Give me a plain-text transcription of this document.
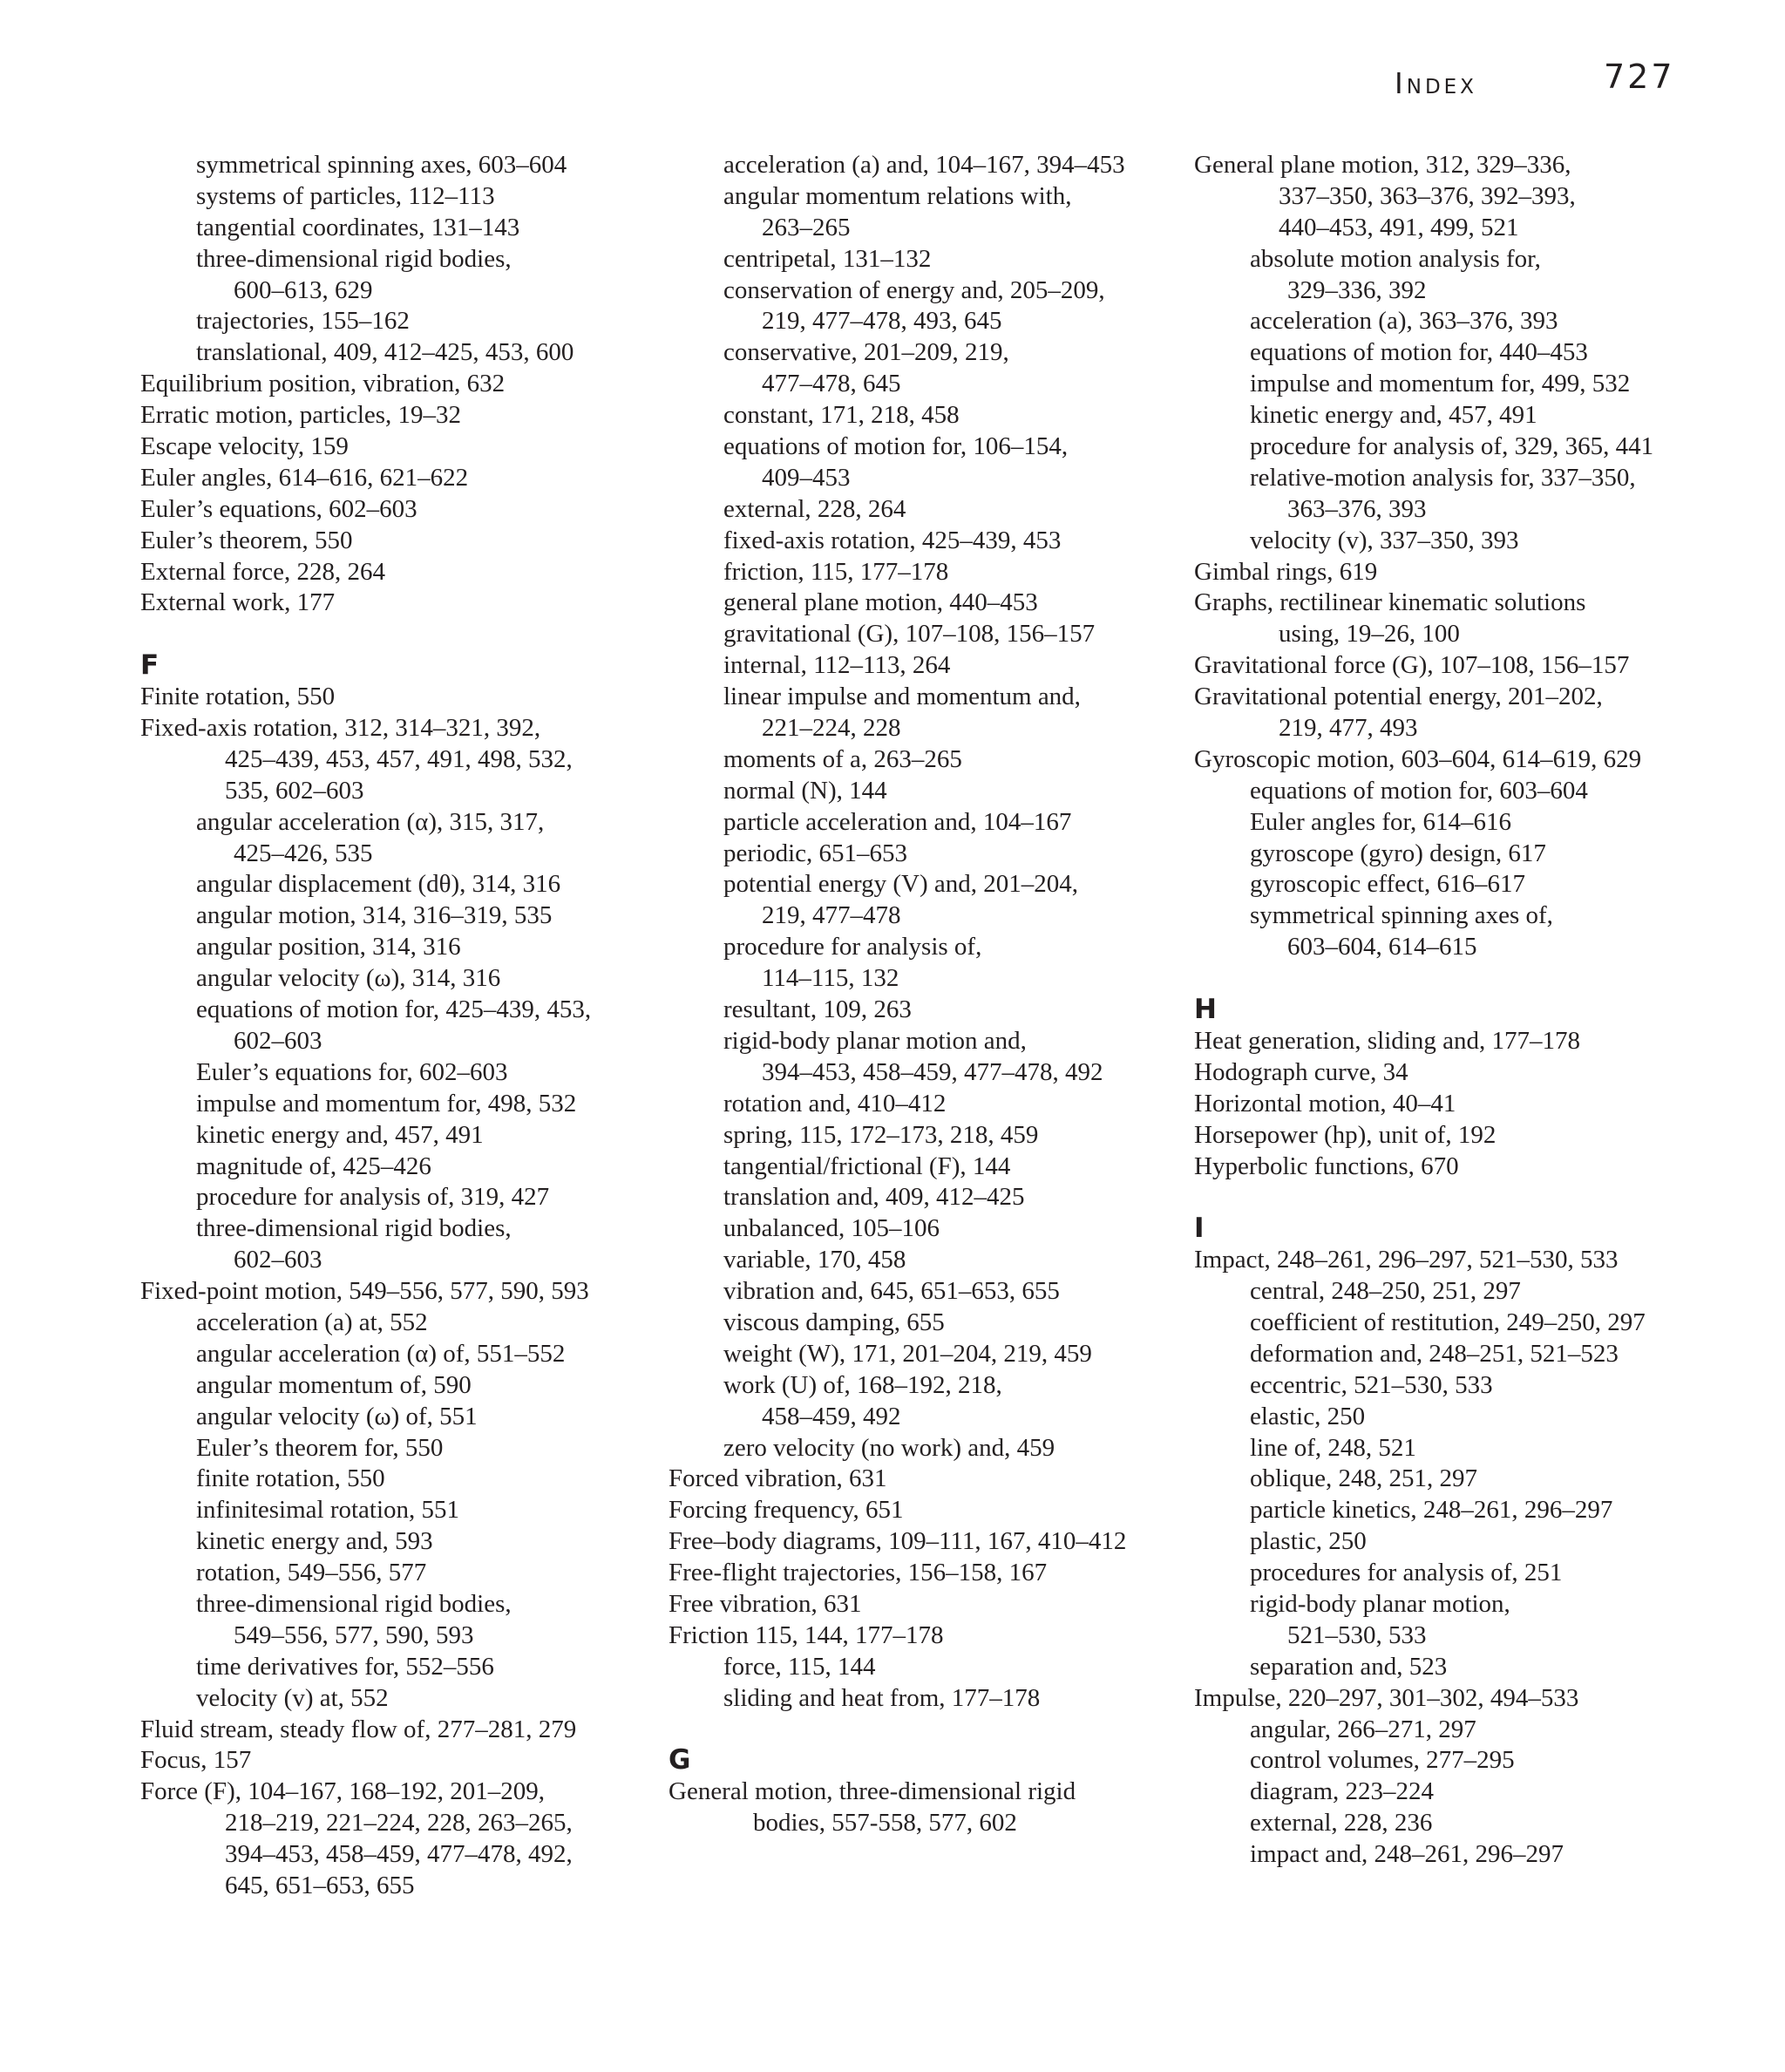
Index	727
symmetrical spinning axes, 603–604
systems of particles, 112–113
tangential coordinates, 131–143
three-dimensional rigid bodies,
600–613, 629
trajectories, 155–162
translational, 409, 412–425, 453, 600
Equilibrium position, vibration, 632
Erratic motion, particles, 19–32
Escape velocity, 159
Euler angles, 614–616, 621–622
Euler’s equations, 602–603
Euler’s theorem, 550
External force, 228, 264
External work, 177
F
Finite rotation, 550
Fixed-axis rotation, 312, 314–321, 392,
425–439, 453, 457, 491, 498, 532,
535, 602–603
angular acceleration (α), 315, 317,
425–426, 535
angular displacement (dθ), 314, 316
angular motion, 314, 316–319, 535
angular position, 314, 316
angular velocity (ω), 314, 316
equations of motion for, 425–439, 453,
602–603
Euler’s equations for, 602–603
impulse and momentum for, 498, 532
kinetic energy and, 457, 491
magnitude of, 425–426
procedure for analysis of, 319, 427
three-dimensional rigid bodies,
602–603
Fixed-point motion, 549–556, 577, 590, 593
acceleration (a) at, 552
angular acceleration (α) of, 551–552
angular momentum of, 590
angular velocity (ω) of, 551
Euler’s theorem for, 550
finite rotation, 550
infinitesimal rotation, 551
kinetic energy and, 593
rotation, 549–556, 577
three-dimensional rigid bodies,
549–556, 577, 590, 593
time derivatives for, 552–556
velocity (v) at, 552
Fluid stream, steady flow of, 277–281, 279
Focus, 157
Force (F), 104–167, 168–192, 201–209,
218–219, 221–224, 228, 263–265,
394–453, 458–459, 477–478, 492,
645, 651–653, 655
acceleration (a) and, 104–167, 394–453
angular momentum relations with,
263–265
centripetal, 131–132
conservation of energy and, 205–209,
219, 477–478, 493, 645
conservative, 201–209, 219,
477–478, 645
constant, 171, 218, 458
equations of motion for, 106–154,
409–453
external, 228, 264
fixed-axis rotation, 425–439, 453
friction, 115, 177–178
general plane motion, 440–453
gravitational (G), 107–108, 156–157
internal, 112–113, 264
linear impulse and momentum and,
221–224, 228
moments of a, 263–265
normal (N), 144
particle acceleration and, 104–167
periodic, 651–653
potential energy (V) and, 201–204,
219, 477–478
procedure for analysis of,
114–115, 132
resultant, 109, 263
rigid-body planar motion and,
394–453, 458–459, 477–478, 492
rotation and, 410–412
spring, 115, 172–173, 218, 459
tangential/frictional (F), 144
translation and, 409, 412–425
unbalanced, 105–106
variable, 170, 458
vibration and, 645, 651–653, 655
viscous damping, 655
weight (W), 171, 201–204, 219, 459
work (U) of, 168–192, 218,
458–459, 492
zero velocity (no work) and, 459
Forced vibration, 631
Forcing frequency, 651
Free–body diagrams, 109–111, 167, 410–412
Free-flight trajectories, 156–158, 167
Free vibration, 631
Friction 115, 144, 177–178
force, 115, 144
sliding and heat from, 177–178
G
General motion, three-dimensional rigid
bodies, 557-558, 577, 602
General plane motion, 312, 329–336,
337–350, 363–376, 392–393,
440–453, 491, 499, 521
absolute motion analysis for,
329–336, 392
acceleration (a), 363–376, 393
equations of motion for, 440–453
impulse and momentum for, 499, 532
kinetic energy and, 457, 491
procedure for analysis of, 329, 365, 441
relative-motion analysis for, 337–350,
363–376, 393
velocity (v), 337–350, 393
Gimbal rings, 619
Graphs, rectilinear kinematic solutions
using, 19–26, 100
Gravitational force (G), 107–108, 156–157
Gravitational potential energy, 201–202,
219, 477, 493
Gyroscopic motion, 603–604, 614–619, 629
equations of motion for, 603–604
Euler angles for, 614–616
gyroscope (gyro) design, 617
gyroscopic effect, 616–617
symmetrical spinning axes of,
603–604, 614–615
H
Heat generation, sliding and, 177–178
Hodograph curve, 34
Horizontal motion, 40–41
Horsepower (hp), unit of, 192
Hyperbolic functions, 670
I
Impact, 248–261, 296–297, 521–530, 533
central, 248–250, 251, 297
coefficient of restitution, 249–250, 297
deformation and, 248–251, 521–523
eccentric, 521–530, 533
elastic, 250
line of, 248, 521
oblique, 248, 251, 297
particle kinetics, 248–261, 296–297
plastic, 250
procedures for analysis of, 251
rigid-body planar motion,
521–530, 533
separation and, 523
Impulse, 220–297, 301–302, 494–533
angular, 266–271, 297
control volumes, 277–295
diagram, 223–224
external, 228, 236
impact and, 248–261, 296–297
